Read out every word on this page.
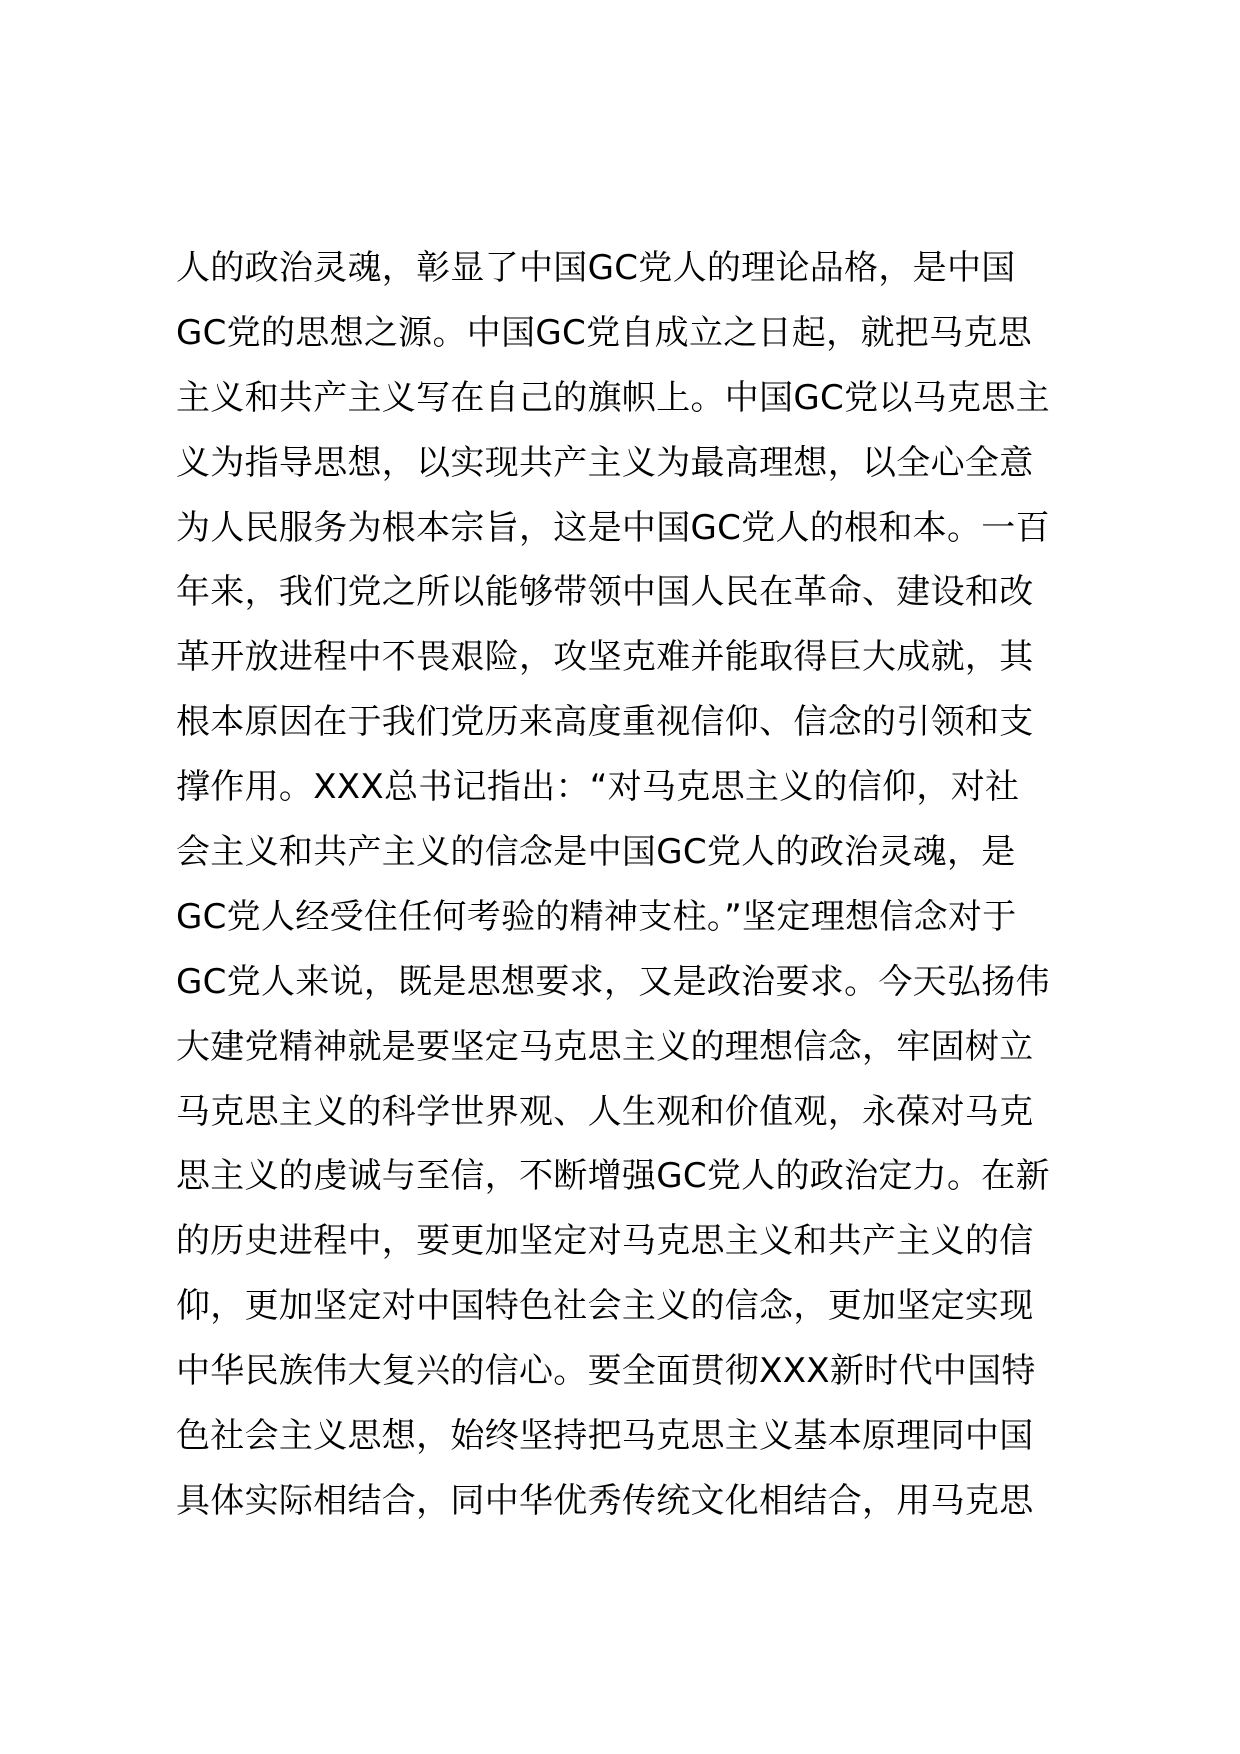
人的政治灵魂，彰显了中国GC党人的理论品格，是中国
GC党的思想之源。中国GC党自成立之日起，就把马克思
主义和共产主义写在自己的旗帜上。中国GC党以马克思主
义为指导思想，以实现共产主义为最高理想，以全心全意
为人民服务为根本宗旨，这是中国GC党人的根和本。一百
年来，我们党之所以能够带领中国人民在革命、建设和改
革开放进程中不畏艰险，攻坚克难并能取得巨大成就，其
根本原因在于我们党历来高度重视信仰、信念的引领和支
撑作用。XXX总书记指出：“对马克思主义的信仰，对社
会主义和共产主义的信念是中国GC党人的政治灵魂，是
GC党人经受住任何考验的精神支柱。”坚定理想信念对于
GC党人来说，既是思想要求，又是政治要求。今天弘扬伟
大建党精神就是要坚定马克思主义的理想信念，牢固树立
马克思主义的科学世界观、人生观和价值观，永葆对马克
思主义的虔诚与至信，不断增强GC党人的政治定力。在新
的历史进程中，要更加坚定对马克思主义和共产主义的信
仰，更加坚定对中国特色社会主义的信念，更加坚定实现
中华民族伟大复兴的信心。要全面贯彻XXX新时代中国特
色社会主义思想，始终坚持把马克思主义基本原理同中国
具体实际相结合，同中华优秀传统文化相结合，用马克思
